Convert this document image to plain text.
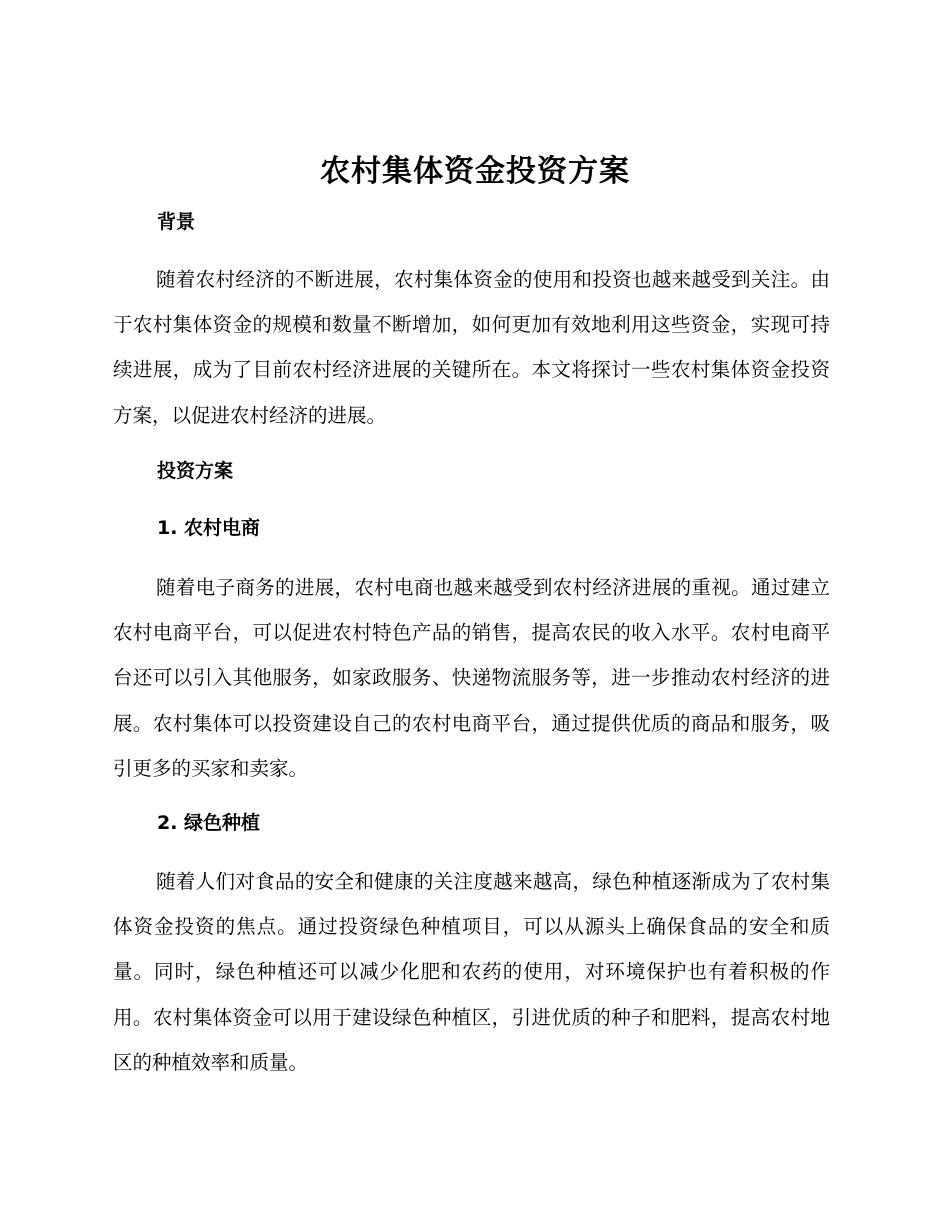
农村集体资金投资方案
背景

随着农村经济的不断进展，农村集体资金的使用和投资也越来越受到关注。由于农村集体资金的规模和数量不断增加，如何更加有效地利用这些资金，实现可持续进展，成为了目前农村经济进展的关键所在。本文将探讨一些农村集体资金投资方案，以促进农村经济的进展。

投资方案
1. 农村电商

随着电子商务的进展，农村电商也越来越受到农村经济进展的重视。通过建立农村电商平台，可以促进农村特色产品的销售，提高农民的收入水平。农村电商平台还可以引入其他服务，如家政服务、快递物流服务等，进一步推动农村经济的进展。农村集体可以投资建设自己的农村电商平台，通过提供优质的商品和服务，吸引更多的买家和卖家。

2. 绿色种植

随着人们对食品的安全和健康的关注度越来越高，绿色种植逐渐成为了农村集体资金投资的焦点。通过投资绿色种植项目，可以从源头上确保食品的安全和质量。同时，绿色种植还可以减少化肥和农药的使用，对环境保护也有着积极的作用。农村集体资金可以用于建设绿色种植区，引进优质的种子和肥料，提高农村地区的种植效率和质量。
